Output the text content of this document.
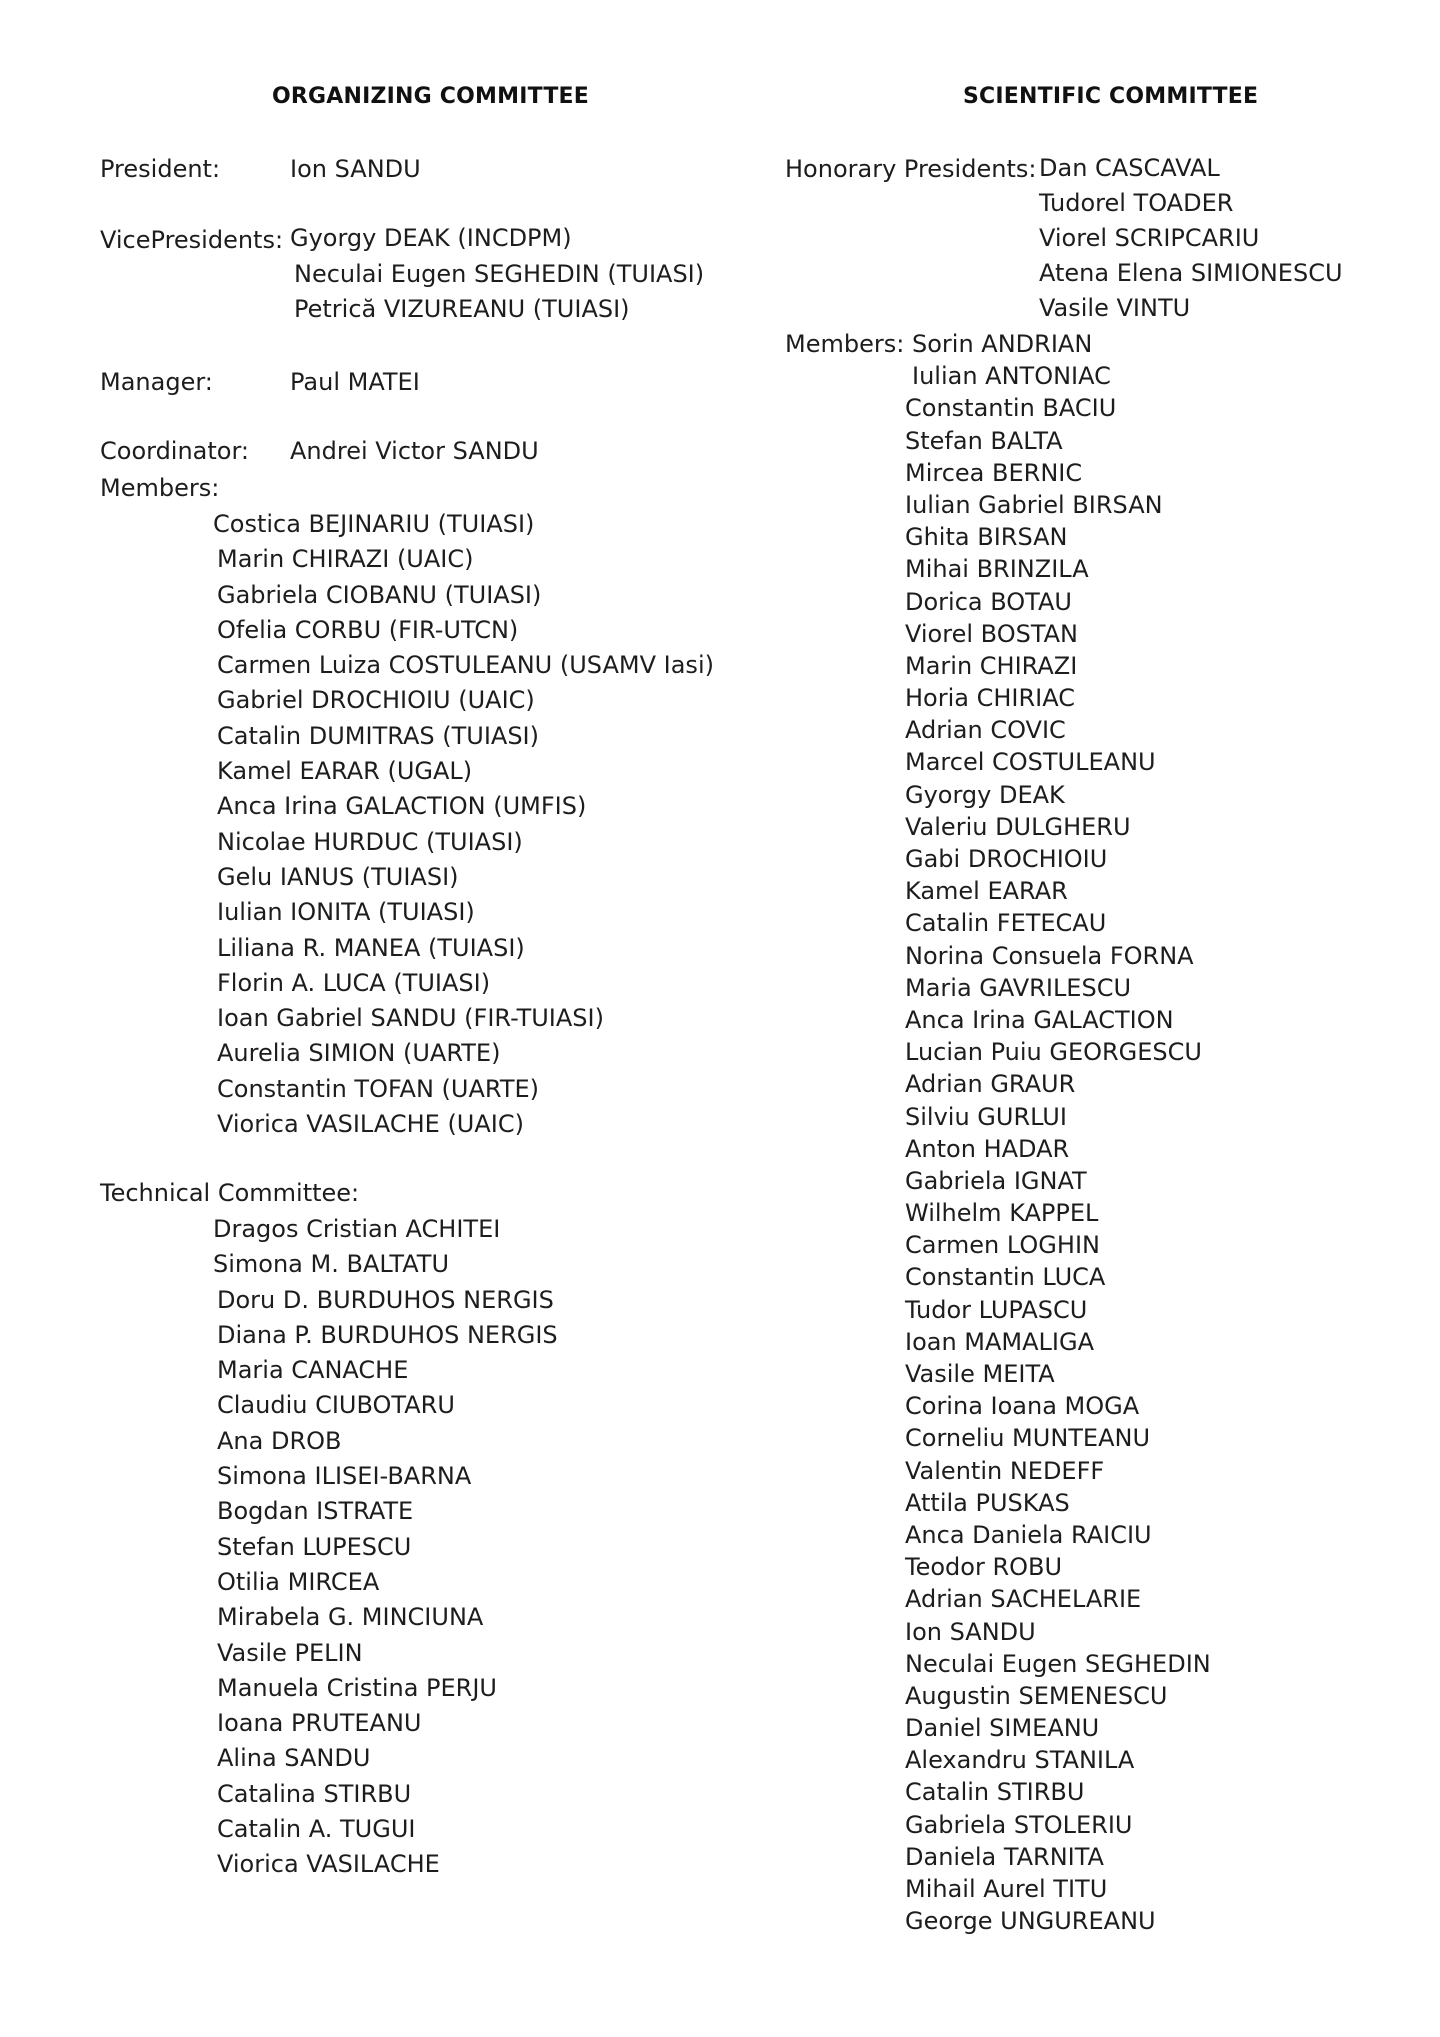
ORGANIZING COMMITTEE
President:	Ion SANDU
VicePresidents: Gyorgy DEAK (INCDPM)
Neculai Eugen SEGHEDIN (TUIASI)
Petrică VIZUREANU (TUIASI)
Manager:	Paul MATEI
Coordinator: Andrei Victor SANDU
Members:
Costica BEJINARIU (TUIASI)
Marin CHIRAZI (UAIC)
Gabriela CIOBANU (TUIASI)
Ofelia CORBU (FIR-UTCN)
Carmen Luiza COSTULEANU (USAMV Iasi)
Gabriel DROCHIOIU (UAIC)
Catalin DUMITRAS (TUIASI)
Kamel EARAR (UGAL)
Anca Irina GALACTION (UMFIS)
Nicolae HURDUC (TUIASI)
Gelu IANUS (TUIASI)
Iulian IONITA (TUIASI)
Liliana R. MANEA (TUIASI)
Florin A. LUCA (TUIASI)
Ioan Gabriel SANDU (FIR-TUIASI)
Aurelia SIMION (UARTE)
Constantin TOFAN (UARTE)
Viorica VASILACHE (UAIC)
Technical Committee:
Dragos Cristian ACHITEI
Simona M. BALTATU
Doru D. BURDUHOS NERGIS
Diana P. BURDUHOS NERGIS
Maria CANACHE
Claudiu CIUBOTARU
Ana DROB
Simona ILISEI-BARNA
Bogdan ISTRATE
Stefan LUPESCU
Otilia MIRCEA
Mirabela G. MINCIUNA
Vasile PELIN
Manuela Cristina PERJU
Ioana PRUTEANU
Alina SANDU
Catalina STIRBU
Catalin A. TUGUI
Viorica VASILACHE
SCIENTIFIC COMMITTEE
Honorary Presidents: Dan CASCAVAL
Tudorel TOADER
Viorel SCRIPCARIU
Atena Elena SIMIONESCU
Vasile VINTU
Members: Sorin ANDRIAN
Iulian ANTONIAC
Constantin BACIU
Stefan BALTA
Mircea BERNIC
Iulian Gabriel BIRSAN
Ghita BIRSAN
Mihai BRINZILA
Dorica BOTAU
Viorel BOSTAN
Marin CHIRAZI
Horia CHIRIAC
Adrian COVIC
Marcel COSTULEANU
Gyorgy DEAK
Valeriu DULGHERU
Gabi DROCHIOIU
Kamel EARAR
Catalin FETECAU
Norina Consuela FORNA
Maria GAVRILESCU
Anca Irina GALACTION
Lucian Puiu GEORGESCU
Adrian GRAUR
Silviu GURLUI
Anton HADAR
Gabriela IGNAT
Wilhelm KAPPEL
Carmen LOGHIN
Constantin LUCA
Tudor LUPASCU
Ioan MAMALIGA
Vasile MEITA
Corina Ioana MOGA
Corneliu MUNTEANU
Valentin NEDEFF
Attila PUSKAS
Anca Daniela RAICIU
Teodor ROBU
Adrian SACHELARIE
Ion SANDU
Neculai Eugen SEGHEDIN
Augustin SEMENESCU
Daniel SIMEANU
Alexandru STANILA
Catalin STIRBU
Gabriela STOLERIU
Daniela TARNITA
Mihail Aurel TITU
George UNGUREANU
